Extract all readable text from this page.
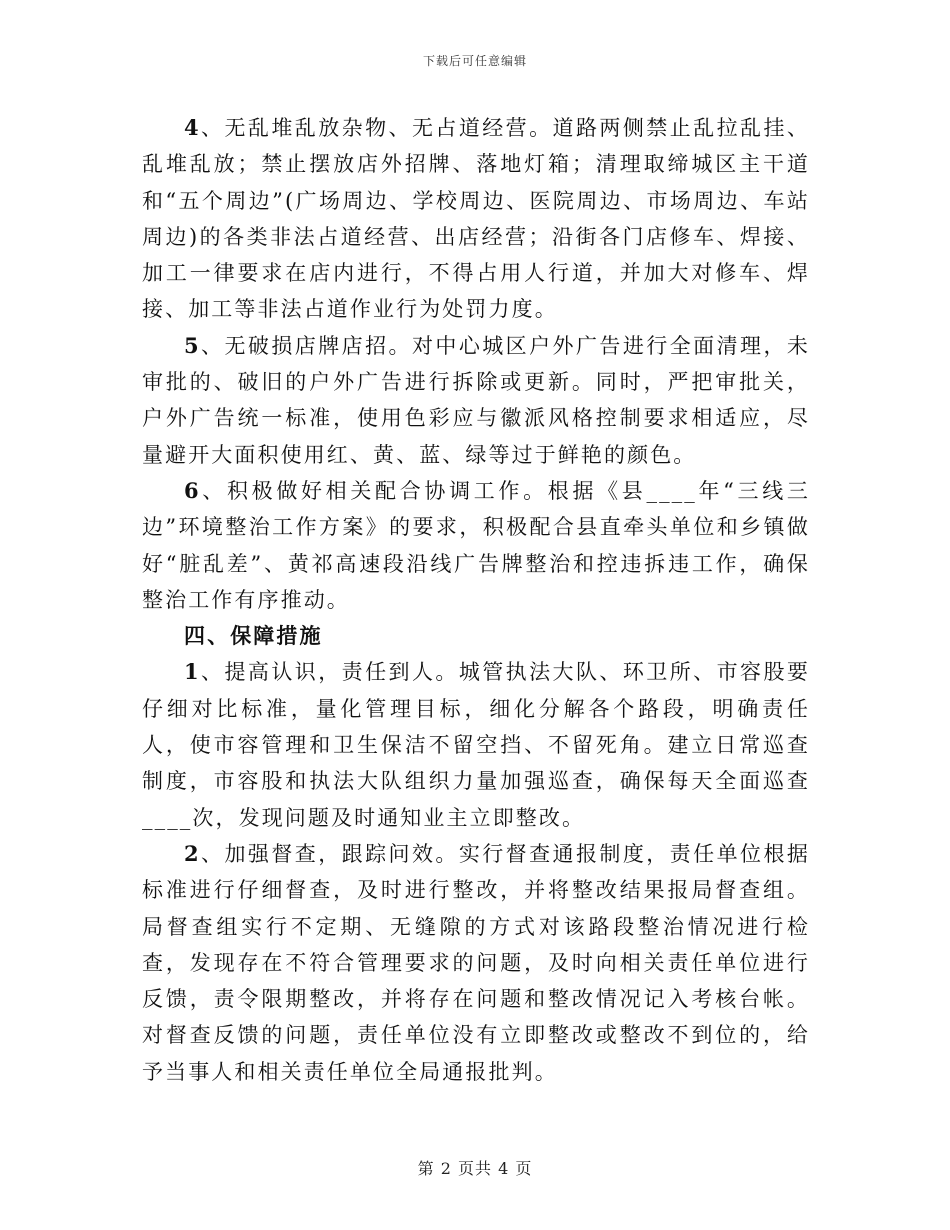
下载后可任意编辑

4、无乱堆乱放杂物、无占道经营。道路两侧禁止乱拉乱挂、乱堆乱放；禁止摆放店外招牌、落地灯箱；清理取缔城区主干道和“五个周边”(广场周边、学校周边、医院周边、市场周边、车站周边)的各类非法占道经营、出店经营；沿街各门店修车、焊接、加工一律要求在店内进行，不得占用人行道，并加大对修车、焊接、加工等非法占道作业行为处罚力度。

5、无破损店牌店招。对中心城区户外广告进行全面清理，未审批的、破旧的户外广告进行拆除或更新。同时，严把审批关，户外广告统一标准，使用色彩应与徽派风格控制要求相适应，尽量避开大面积使用红、黄、蓝、绿等过于鲜艳的颜色。

6、积极做好相关配合协调工作。根据《县____年“三线三边”环境整治工作方案》的要求，积极配合县直牵头单位和乡镇做好“脏乱差”、黄祁高速段沿线广告牌整治和控违拆违工作，确保整治工作有序推动。

四、保障措施

1、提高认识，责任到人。城管执法大队、环卫所、市容股要仔细对比标准，量化管理目标，细化分解各个路段，明确责任人，使市容管理和卫生保洁不留空挡、不留死角。建立日常巡查制度，市容股和执法大队组织力量加强巡查，确保每天全面巡查____次，发现问题及时通知业主立即整改。

2、加强督查，跟踪问效。实行督查通报制度，责任单位根据标准进行仔细督查，及时进行整改，并将整改结果报局督查组。局督查组实行不定期、无缝隙的方式对该路段整治情况进行检查，发现存在不符合管理要求的问题，及时向相关责任单位进行反馈，责令限期整改，并将存在问题和整改情况记入考核台帐。对督查反馈的问题，责任单位没有立即整改或整改不到位的，给予当事人和相关责任单位全局通报批判。

第 2 页共 4 页
